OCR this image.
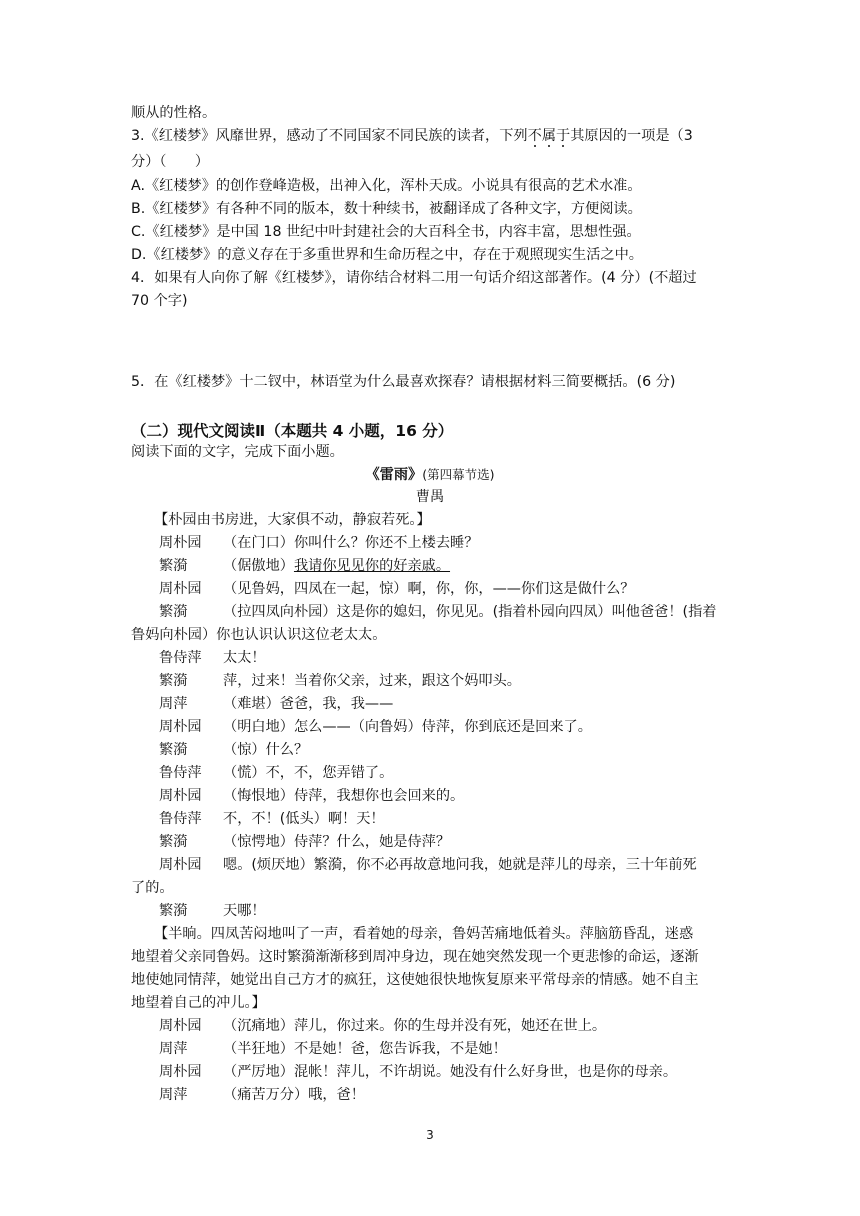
顺从的性格。
3.《红楼梦》风靡世界，感动了不同国家不同民族的读者，下列不属于其原因的一项是（3
分）（　　）
A.《红楼梦》的创作登峰造极，出神入化，浑朴天成。小说具有很高的艺术水准。
B.《红楼梦》有各种不同的版本，数十种续书，被翻译成了各种文字，方便阅读。
C.《红楼梦》是中国 18 世纪中叶封建社会的大百科全书，内容丰富，思想性强。
D.《红楼梦》的意义存在于多重世界和生命历程之中，存在于观照现实生活之中。
4．如果有人向你了解《红楼梦》，请你结合材料二用一句话介绍这部著作。(4 分）(不超过
70 个字)
5．在《红楼梦》十二钗中，林语堂为什么最喜欢探春？请根据材料三简要概括。(6 分)
（二）现代文阅读Ⅱ（本题共 4 小题，16 分）
阅读下面的文字，完成下面小题。
《雷雨》(第四幕节选)
曹禺
【朴园由书房进，大家俱不动，静寂若死。】
周朴园 （在门口）你叫什么？你还不上楼去睡？
繁漪	（倨傲地）我请你见见你的好亲戚。
周朴园 （见鲁妈，四凤在一起，惊）啊，你，你，——你们这是做什么？
繁漪	（拉四凤向朴园）这是你的媳妇，你见见。(指着朴园向四凤）叫他爸爸！(指着
鲁妈向朴园）你也认识认识这位老太太。
鲁侍萍 太太！
繁漪	萍，过来！当着你父亲，过来，跟这个妈叩头。
周萍	（难堪）爸爸，我，我——
周朴园 （明白地）怎么——（向鲁妈）侍萍，你到底还是回来了。
繁漪	（惊）什么？
鲁侍萍 （慌）不，不，您弄错了。
周朴园 （悔恨地）侍萍，我想你也会回来的。
鲁侍萍 不，不！(低头）啊！天！
繁漪	（惊愕地）侍萍？什么，她是侍萍？
周朴园 嗯。(烦厌地）繁漪，你不必再故意地问我，她就是萍儿的母亲，三十年前死
了的。
繁漪	天哪！
【半晌。四凤苦闷地叫了一声，看着她的母亲，鲁妈苦痛地低着头。萍脑筋昏乱，迷惑
地望着父亲同鲁妈。这时繁漪渐渐移到周冲身边，现在她突然发现一个更悲惨的命运，逐渐
地使她同情萍，她觉出自己方才的疯狂，这使她很快地恢复原来平常母亲的情感。她不自主
地望着自己的冲儿。】
周朴园 （沉痛地）萍儿，你过来。你的生母并没有死，她还在世上。
周萍	（半狂地）不是她！爸，您告诉我，不是她！
周朴园 （严厉地）混帐！萍儿，不许胡说。她没有什么好身世，也是你的母亲。
周萍	（痛苦万分）哦，爸！
3
